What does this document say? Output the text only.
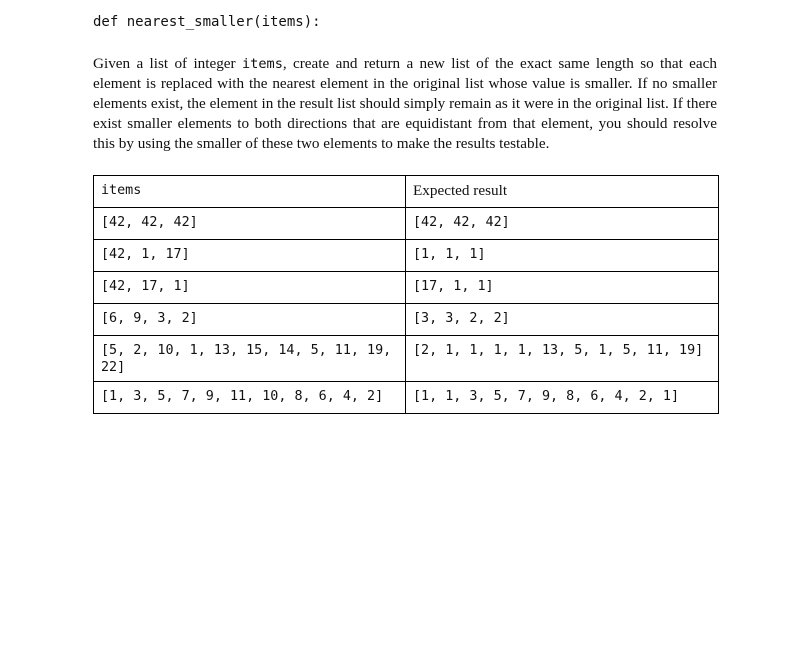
def nearest_smaller(items):

Given a list of integer items, create and return a new list of the exact same length so that each element is replaced with the nearest element in the original list whose value is smaller. If no smaller elements exist, the element in the result list should simply remain as it were in the original list. If there exist smaller elements to both directions that are equidistant from that element, you should resolve this by using the smaller of these two elements to make the results testable.

items	Expected result
[42, 42, 42]	[42, 42, 42]
[42, 1, 17]	[1, 1, 1]
[42, 17, 1]	[17, 1, 1]
[6, 9, 3, 2]	[3, 3, 2, 2]
[5, 2, 10, 1, 13, 15, 14, 5, 11, 19, 22]	[2, 1, 1, 1, 1, 13, 5, 1, 5, 11, 19]
[1, 3, 5, 7, 9, 11, 10, 8, 6, 4, 2]	[1, 1, 3, 5, 7, 9, 8, 6, 4, 2, 1]
